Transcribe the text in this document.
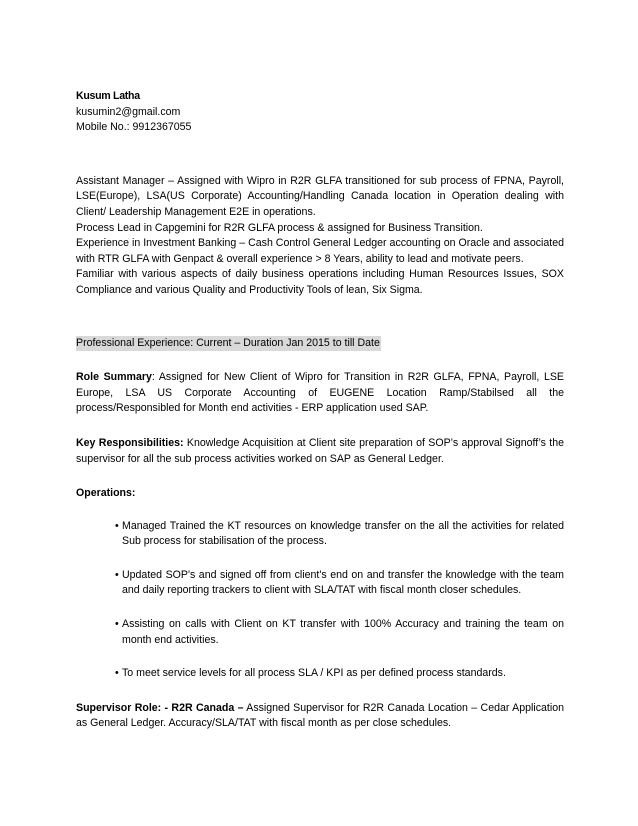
Kusum Latha
kusumin2@gmail.com
Mobile No.: 9912367055
Assistant Manager – Assigned with Wipro in R2R GLFA transitioned for sub process of FPNA, Payroll, LSE(Europe), LSA(US Corporate) Accounting/Handling Canada location in Operation dealing with Client/ Leadership Management E2E in operations.
Process Lead in Capgemini for R2R GLFA process & assigned for Business Transition.
Experience in Investment Banking – Cash Control General Ledger accounting on Oracle and associated with RTR GLFA with Genpact & overall experience > 8 Years, ability to lead and motivate peers.
Familiar with various aspects of daily business operations including Human Resources Issues, SOX Compliance and various Quality and Productivity Tools of lean, Six Sigma.
Professional Experience: Current – Duration Jan 2015 to till Date
Role Summary: Assigned for New Client of Wipro for Transition in R2R GLFA, FPNA, Payroll, LSE Europe, LSA US Corporate Accounting of EUGENE Location Ramp/Stabilsed all the process/Responsibled for Month end activities - ERP application used SAP.
Key Responsibilities: Knowledge Acquisition at Client site preparation of SOP’s approval Signoff’s the supervisor for all the sub process activities worked on SAP as General Ledger.
Operations:
• Managed Trained the KT resources on knowledge transfer on the all the activities for related Sub process for stabilisation of the process.
• Updated SOP's and signed off from client's end on and transfer the knowledge with the team and daily reporting trackers to client with SLA/TAT with fiscal month closer schedules.
• Assisting on calls with Client on KT transfer with 100% Accuracy and training the team on month end activities.
• To meet service levels for all process SLA / KPI as per defined process standards.
Supervisor Role: - R2R Canada – Assigned Supervisor for R2R Canada Location – Cedar Application as General Ledger. Accuracy/SLA/TAT with fiscal month as per close schedules.
